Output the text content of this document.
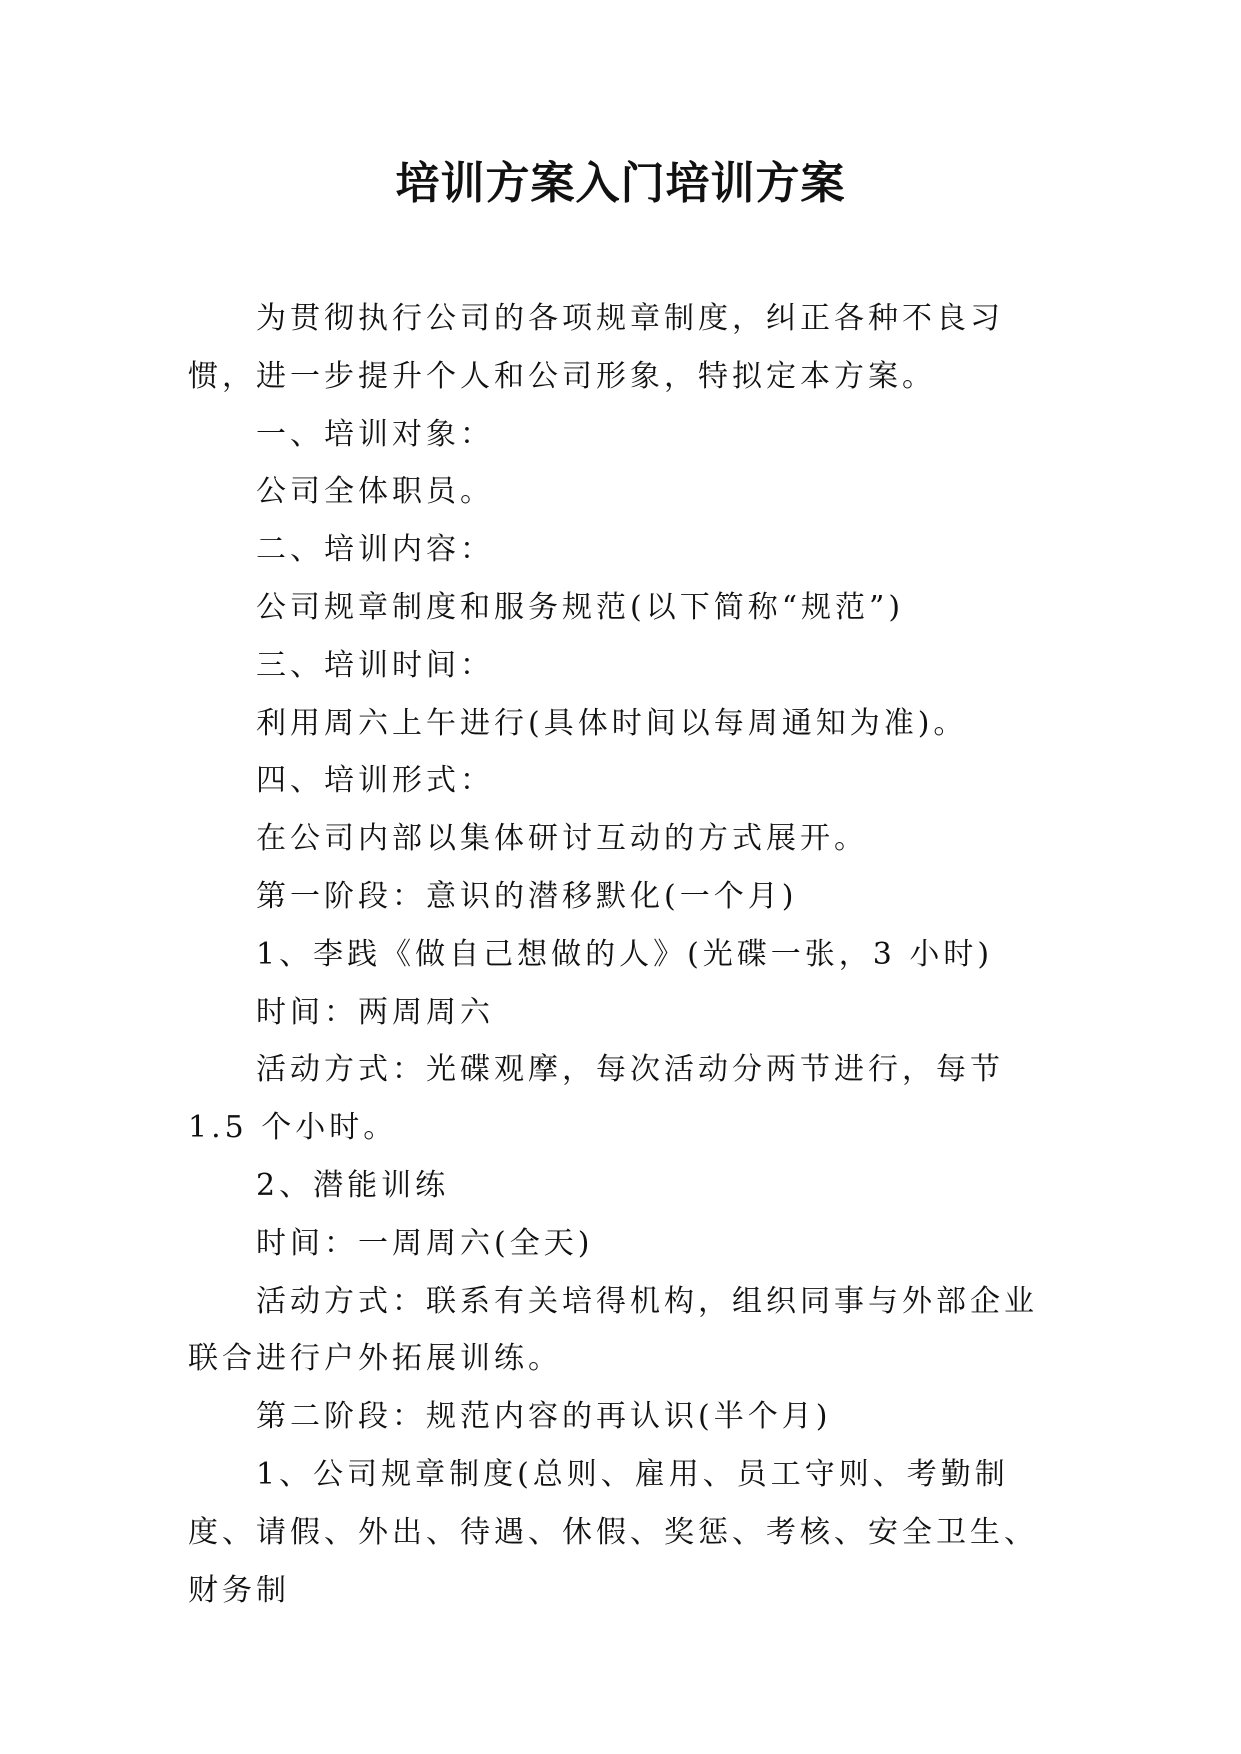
培训方案入门培训方案

为贯彻执行公司的各项规章制度，纠正各种不良习惯，进一步提升个人和公司形象，特拟定本方案。

一、培训对象：

公司全体职员。

二、培训内容：

公司规章制度和服务规范(以下简称“规范”)

三、培训时间：

利用周六上午进行(具体时间以每周通知为准)。

四、培训形式：

在公司内部以集体研讨互动的方式展开。

第一阶段：意识的潜移默化(一个月)

1、李践《做自己想做的人》(光碟一张，3 小时)

时间：两周周六

活动方式：光碟观摩，每次活动分两节进行，每节 1.5 个小时。

2、潜能训练

时间：一周周六(全天)

活动方式：联系有关培得机构，组织同事与外部企业联合进行户外拓展训练。

第二阶段：规范内容的再认识(半个月)

1、公司规章制度(总则、雇用、员工守则、考勤制度、请假、外出、待遇、休假、奖惩、考核、安全卫生、财务制
